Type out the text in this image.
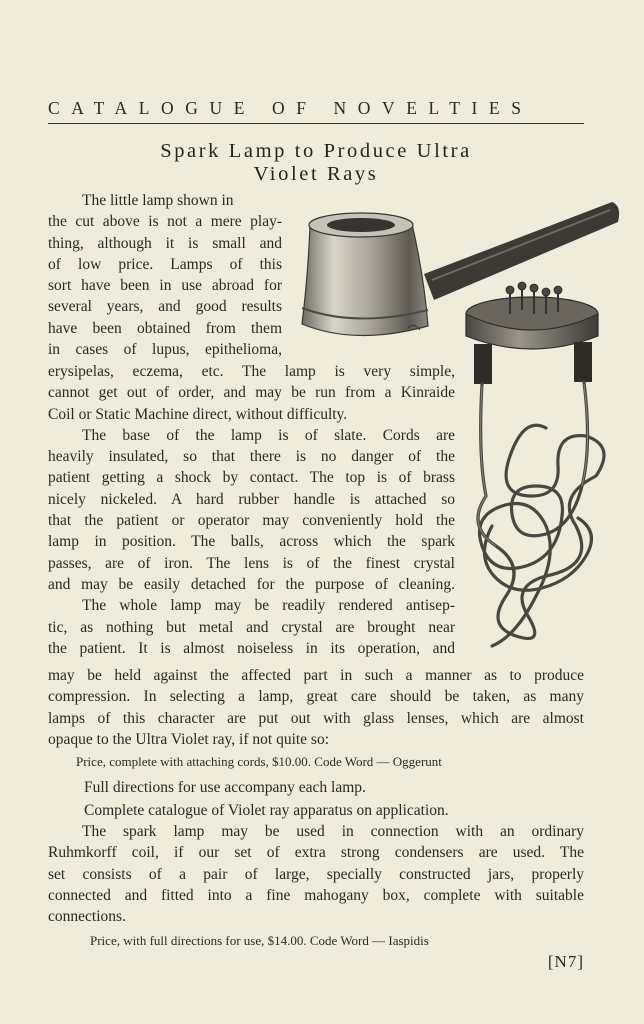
CATALOGUE OF NOVELTIES
Spark Lamp to Produce Ultra
Violet Rays
The little lamp shown in
the cut above is not a mere play-
thing, although it is small and
of low price. Lamps of this
sort have been in use abroad for
several years, and good results
have been obtained from them
in cases of lupus, epithelioma,
erysipelas, eczema, etc. The lamp is very simple,
cannot get out of order, and may be run from a Kinraide
Coil or Static Machine direct, without difficulty.
The base of the lamp is of slate. Cords are
heavily insulated, so that there is no danger of the
patient getting a shock by contact. The top is of brass
nicely nickeled. A hard rubber handle is attached so
that the patient or operator may conveniently hold the
lamp in position. The balls, across which the spark
passes, are of iron. The lens is of the finest crystal
and may be easily detached for the purpose of cleaning.
The whole lamp may be readily rendered antisep-
tic, as nothing but metal and crystal are brought near
the patient. It is almost noiseless in its operation, and
may be held against the affected part in such a manner as to produce
compression. In selecting a lamp, great care should be taken, as many
lamps of this character are put out with glass lenses, which are almost
opaque to the Ultra Violet ray, if not quite so:
Price, complete with attaching cords, $10.00. Code Word — Oggerunt
Full directions for use accompany each lamp.
Complete catalogue of Violet ray apparatus on application.
The spark lamp may be used in connection with an ordinary
Ruhmkorff coil, if our set of extra strong condensers are used. The
set consists of a pair of large, specially constructed jars, properly
connected and fitted into a fine mahogany box, complete with suitable
connections.
Price, with full directions for use, $14.00. Code Word — Iaspidis
[N7]
